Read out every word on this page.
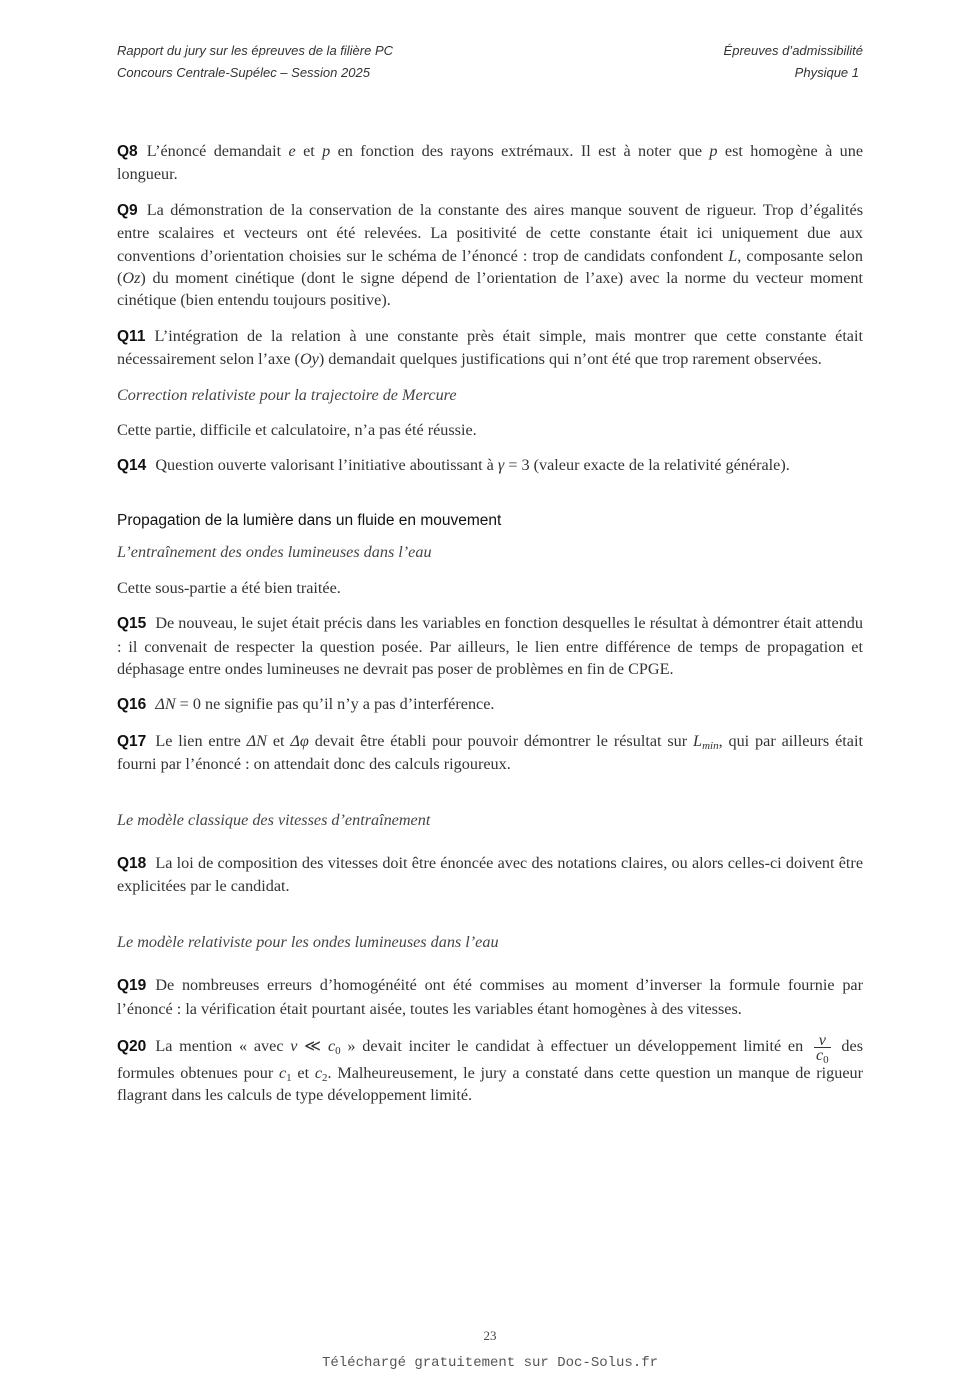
Rapport du jury sur les épreuves de la filière PC	Épreuves d’admissibilité
Concours Centrale-Supélec – Session 2025	Physique 1

Q8 L’énoncé demandait e et p en fonction des rayons extrémaux. Il est à noter que p est homogène à une longueur.

Q9 La démonstration de la conservation de la constante des aires manque souvent de rigueur. Trop d’égalités entre scalaires et vecteurs ont été relevées. La positivité de cette constante était ici uniquement due aux conventions d’orientation choisies sur le schéma de l’énoncé : trop de candidats confondent L, composante selon (Oz) du moment cinétique (dont le signe dépend de l’orientation de l’axe) avec la norme du vecteur moment cinétique (bien entendu toujours positive).

Q11 L’intégration de la relation à une constante près était simple, mais montrer que cette constante était nécessairement selon l’axe (Oy) demandait quelques justifications qui n’ont été que trop rarement observées.

Correction relativiste pour la trajectoire de Mercure

Cette partie, difficile et calculatoire, n’a pas été réussie.

Q14 Question ouverte valorisant l’initiative aboutissant à γ = 3 (valeur exacte de la relativité générale).

Propagation de la lumière dans un fluide en mouvement

L’entraînement des ondes lumineuses dans l’eau

Cette sous-partie a été bien traitée.

Q15 De nouveau, le sujet était précis dans les variables en fonction desquelles le résultat à démontrer était attendu : il convenait de respecter la question posée. Par ailleurs, le lien entre différence de temps de propagation et déphasage entre ondes lumineuses ne devrait pas poser de problèmes en fin de CPGE.

Q16 ΔN = 0 ne signifie pas qu’il n’y a pas d’interférence.

Q17 Le lien entre ΔN et Δφ devait être établi pour pouvoir démontrer le résultat sur $L_{min}$, qui par ailleurs était fourni par l’énoncé : on attendait donc des calculs rigoureux.

Le modèle classique des vitesses d’entraînement

Q18 La loi de composition des vitesses doit être énoncée avec des notations claires, ou alors celles-ci doivent être explicitées par le candidat.

Le modèle relativiste pour les ondes lumineuses dans l’eau

Q19 De nombreuses erreurs d’homogénéité ont été commises au moment d’inverser la formule fournie par l’énoncé : la vérification était pourtant aisée, toutes les variables étant homogènes à des vitesses.

Q20 La mention « avec v ≪ $c_0$ » devait inciter le candidat à effectuer un développement limité en $\frac{v}{c_0}$ des formules obtenues pour $c_1$ et $c_2$. Malheureusement, le jury a constaté dans cette question un manque de rigueur flagrant dans les calculs de type développement limité.

23
Téléchargé gratuitement sur Doc-Solus.fr
